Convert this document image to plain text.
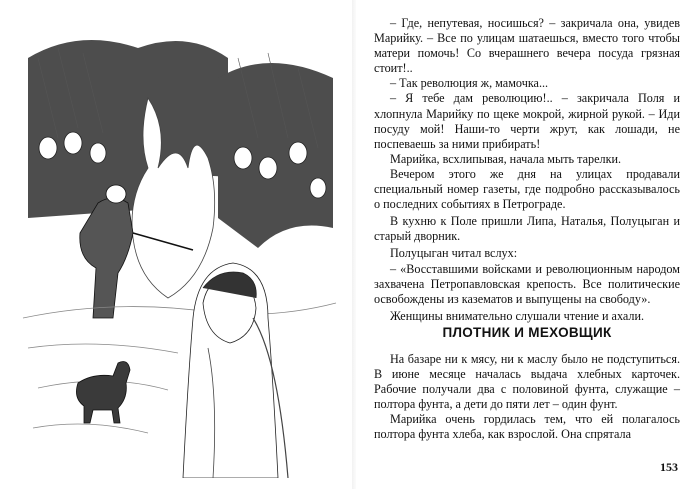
– Где, непутевая, носишься? – закричала она, увидев Марийку. – Все по улицам шатаешься, вместо того чтобы матери помочь! Со вчерашнего вечера посуда грязная стоит!..

– Так революция ж, мамочка...

– Я тебе дам революцию!.. – закричала Поля и хлопнула Марийку по щеке мокрой, жирной рукой. – Иди посуду мой! Наши-то черти жрут, как лошади, не поспеваешь за ними прибирать!

Марийка, всхлипывая, начала мыть тарелки.

Вечером этого же дня на улицах продавали специальный номер газеты, где подробно рассказывалось о последних событиях в Петрограде.

В кухню к Поле пришли Липа, Наталья, Полуцыган и старый дворник.

Полуцыган читал вслух:

– «Восставшими войсками и революционным народом захвачена Петропавловская крепость. Все политические освобождены из казематов и выпущены на свободу».

Женщины внимательно слушали чтение и ахали.

ПЛОТНИК И МЕХОВЩИК

На базаре ни к мясу, ни к маслу было не подступиться. В июне месяце началась выдача хлебных карточек. Рабочие получали два с половиной фунта, служащие – полтора фунта, а дети до пяти лет – один фунт.

Марийка очень гордилась тем, что ей полагалось полтора фунта хлеба, как взрослой. Она спрятала

153
